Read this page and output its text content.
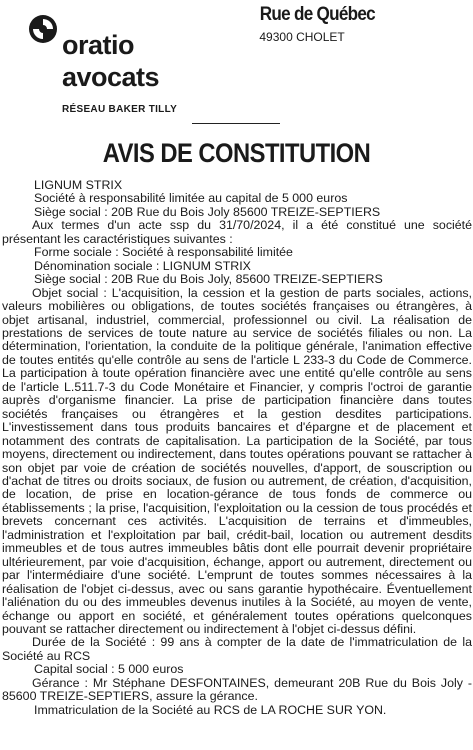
oratio
avocats
RÉSEAU BAKER TILLY
Rue de Québec
49300 CHOLET
AVIS DE CONSTITUTION

LIGNUM STRIX

Société à responsabilité limitée au capital de 5 000 euros

Siège social : 20B Rue du Bois Joly 85600 TREIZE-SEPTIERS

Aux termes d'un acte ssp du 31/70/2024, il a été constitué une société présentant les caractéristiques suivantes :

Forme sociale : Société à responsabilité limitée

Dénomination sociale : LIGNUM STRIX

Siège social : 20B Rue du Bois Joly, 85600 TREIZE-SEPTIERS

Objet social : L'acquisition, la cession et la gestion de parts sociales, actions, valeurs mobilières ou obligations, de toutes sociétés françaises ou étrangères, à objet artisanal, industriel, commercial, professionnel ou civil. La réalisation de prestations de services de toute nature au service de sociétés filiales ou non. La détermination, l'orientation, la conduite de la politique générale, l'animation effective de toutes entités qu'elle contrôle au sens de l'article L 233-3 du Code de Commerce. La participation à toute opération financière avec une entité qu'elle contrôle au sens de l'article L.511.7-3 du Code Monétaire et Financier, y compris l'octroi de garantie auprès d'organisme financier. La prise de participation financière dans toutes sociétés françaises ou étrangères et la gestion desdites participations. L'investissement dans tous produits bancaires et d'épargne et de placement et notamment des contrats de capitalisation. La participation de la Société, par tous moyens, directement ou indirectement, dans toutes opérations pouvant se rattacher à son objet par voie de création de sociétés nouvelles, d'apport, de souscription ou d'achat de titres ou droits sociaux, de fusion ou autrement, de création, d'acquisition, de location, de prise en location-gérance de tous fonds de commerce ou établissements ; la prise, l'acquisition, l'exploitation ou la cession de tous procédés et brevets concernant ces activités. L'acquisition de terrains et d'immeubles, l'administration et l'exploitation par bail, crédit-bail, location ou autrement desdits immeubles et de tous autres immeubles bâtis dont elle pourrait devenir propriétaire ultérieurement, par voie d'acquisition, échange, apport ou autrement, directement ou par l'intermédiaire d'une société. L'emprunt de toutes sommes nécessaires à la réalisation de l'objet ci-dessus, avec ou sans garantie hypothécaire. Éventuellement l'aliénation du ou des immeubles devenus inutiles à la Société, au moyen de vente, échange ou apport en société, et généralement toutes opérations quelconques pouvant se rattacher directement ou indirectement à l'objet ci-dessus défini.

Durée de la Société : 99 ans à compter de la date de l'immatriculation de la Société au RCS

Capital social : 5 000 euros

Gérance : Mr Stéphane DESFONTAINES, demeurant 20B Rue du Bois Joly - 85600 TREIZE-SEPTIERS, assure la gérance.

Immatriculation de la Société au RCS de LA ROCHE SUR YON.
